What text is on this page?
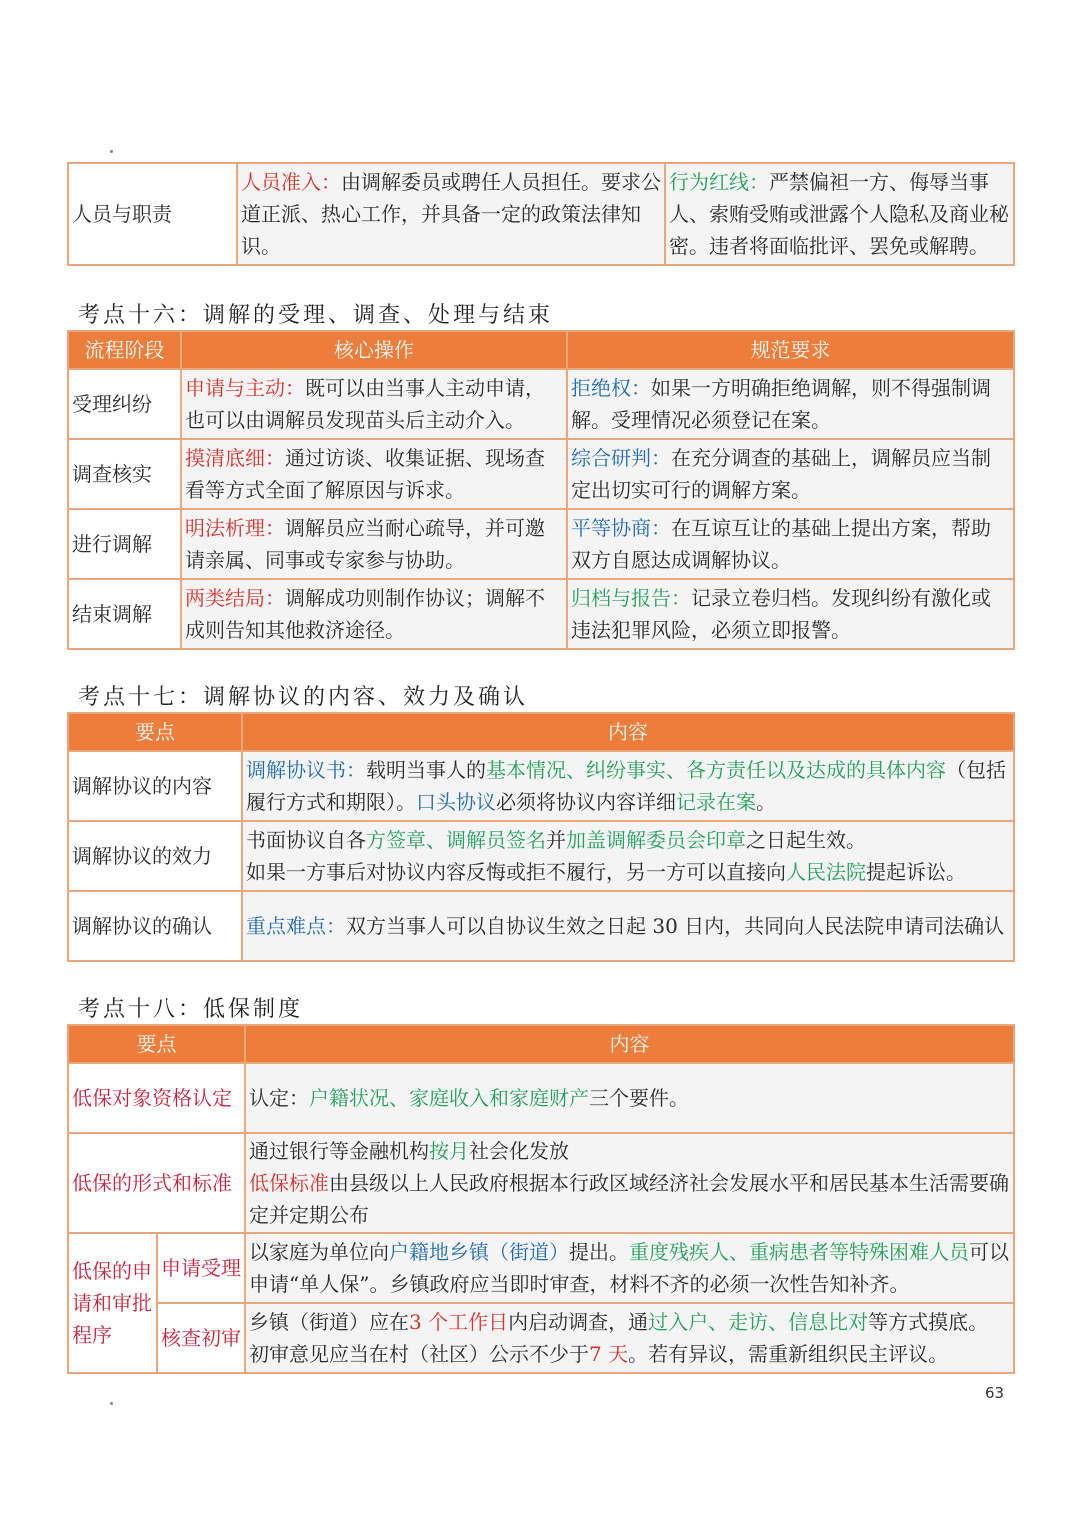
人员与职责	人员准入：由调解委员或聘任人员担任。要求公道正派、热心工作，并具备一定的政策法律知识。	行为红线：严禁偏袒一方、侮辱当事人、索贿受贿或泄露个人隐私及商业秘密。违者将面临批评、罢免或解聘。
考点十六：调解的受理、调查、处理与结束
流程阶段	核心操作	规范要求
受理纠纷	申请与主动：既可以由当事人主动申请，也可以由调解员发现苗头后主动介入。	拒绝权：如果一方明确拒绝调解，则不得强制调解。受理情况必须登记在案。
调查核实	摸清底细：通过访谈、收集证据、现场查看等方式全面了解原因与诉求。	综合研判：在充分调查的基础上，调解员应当制定出切实可行的调解方案。
进行调解	明法析理：调解员应当耐心疏导，并可邀请亲属、同事或专家参与协助。	平等协商：在互谅互让的基础上提出方案，帮助双方自愿达成调解协议。
结束调解	两类结局：调解成功则制作协议；调解不成则告知其他救济途径。	归档与报告：记录立卷归档。发现纠纷有激化或违法犯罪风险，必须立即报警。
考点十七：调解协议的内容、效力及确认
要点	内容
调解协议的内容	调解协议书：载明当事人的基本情况、纠纷事实、各方责任以及达成的具体内容（包括履行方式和期限）。口头协议必须将协议内容详细记录在案。
调解协议的效力	书面协议自各方签章、调解员签名并加盖调解委员会印章之日起生效。
如果一方事后对协议内容反悔或拒不履行，另一方可以直接向人民法院提起诉讼。
调解协议的确认	重点难点：双方当事人可以自协议生效之日起 30 日内，共同向人民法院申请司法确认
考点十八：低保制度
要点		内容
低保对象资格认定		认定：户籍状况、家庭收入和家庭财产三个要件。
低保的形式和标准		通过银行等金融机构按月社会化发放
低保标准由县级以上人民政府根据本行政区域经济社会发展水平和居民基本生活需要确定并定期公布
低保的申请和审批程序	申请受理	以家庭为单位向户籍地乡镇（街道）提出。重度残疾人、重病患者等特殊困难人员可以申请“单人保”。乡镇政府应当即时审查，材料不齐的必须一次性告知补齐。
	核查初审	乡镇（街道）应在3 个工作日内启动调查，通过入户、走访、信息比对等方式摸底。
初审意见应当在村（社区）公示不少于7 天。若有异议，需重新组织民主评议。
63
